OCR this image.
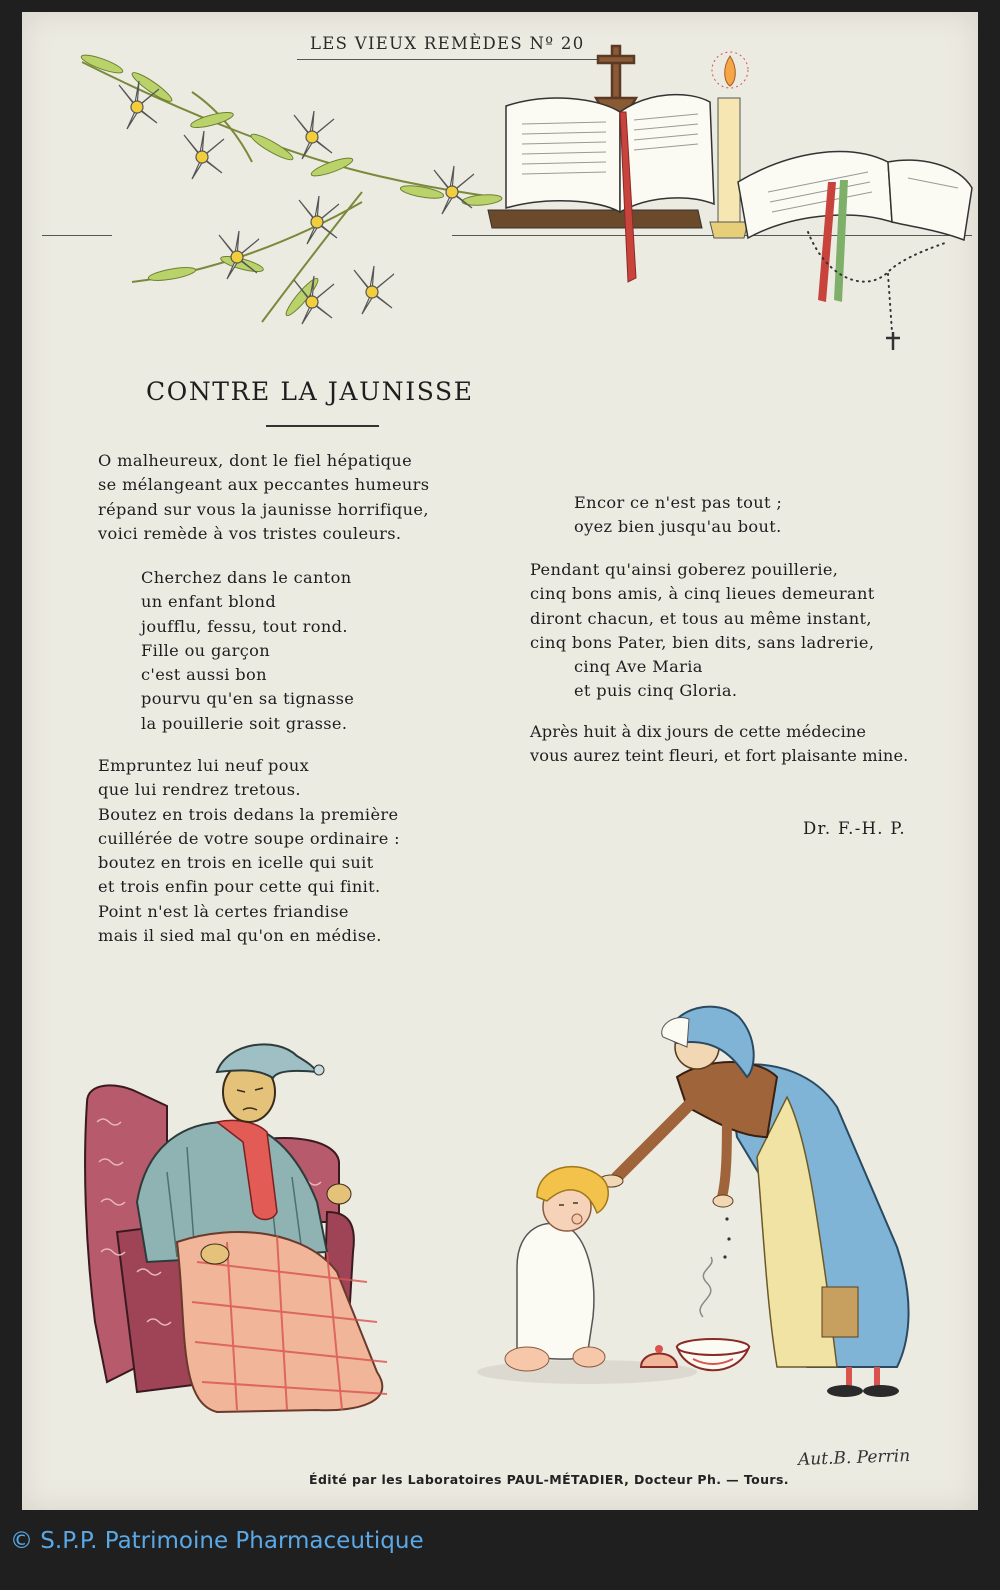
LES VIEUX REMÈDES Nº 20
CONTRE LA JAUNISSE
O malheureux, dont le fiel hépatique
se mélangeant aux peccantes humeurs
répand sur vous la jaunisse horrifique,
voici remède à vos tristes couleurs.
Cherchez dans le canton
un enfant blond
joufflu, fessu, tout rond.
Fille ou garçon
c'est aussi bon
pourvu qu'en sa tignasse
la pouillerie soit grasse.
Empruntez lui neuf poux
que lui rendrez tretous.
Boutez en trois dedans la première
cuillérée de votre soupe ordinaire :
boutez en trois en icelle qui suit
et trois enfin pour cette qui finit.
Point n'est là certes friandise
mais il sied mal qu'on en médise.
Encor ce n'est pas tout ;
oyez bien jusqu'au bout.
Pendant qu'ainsi goberez pouillerie,
cinq bons amis, à cinq lieues demeurant
diront chacun, et tous au même instant,
cinq bons Pater, bien dits, sans ladrerie,
cinq Ave Maria
et puis cinq Gloria.
Après huit à dix jours de cette médecine
vous aurez teint fleuri, et fort plaisante mine.
Dr. F.-H. P.
Aut.B. Perrin
Édité par les Laboratoires PAUL-MÉTADIER, Docteur Ph. — Tours.
© S.P.P. Patrimoine Pharmaceutique
